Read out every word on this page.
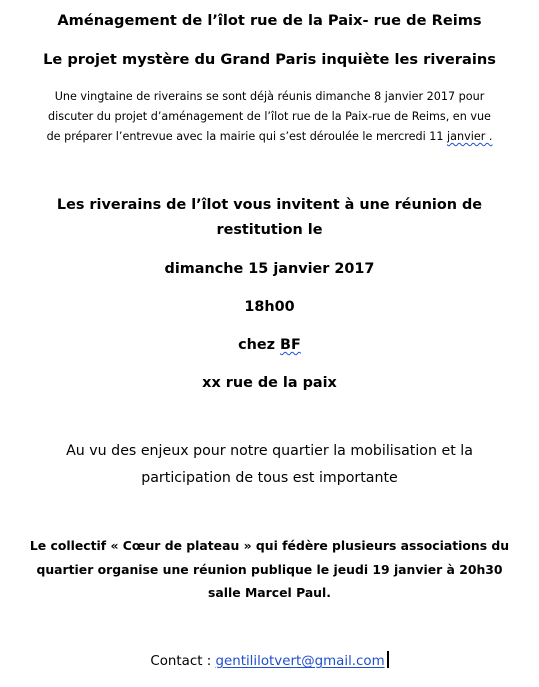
Aménagement de l’îlot rue de la Paix- rue de Reims
Le projet mystère du Grand Paris inquiète les riverains
Une vingtaine de riverains se sont déjà réunis dimanche 8 janvier 2017 pour
discuter du projet d’aménagement de l’îlot rue de la Paix-rue de Reims, en vue
de préparer l’entrevue avec la mairie qui s’est déroulée le mercredi 11 janvier .
Les riverains de l’îlot vous invitent à une réunion de
restitution le
dimanche 15 janvier 2017
18h00
chez BF
xx rue de la paix
Au vu des enjeux pour notre quartier la mobilisation et la
participation de tous est importante
Le collectif « Cœur de plateau » qui fédère plusieurs associations du
quartier organise une réunion publique le jeudi 19 janvier à 20h30
salle Marcel Paul.
Contact : gentililotvert@gmail.com
